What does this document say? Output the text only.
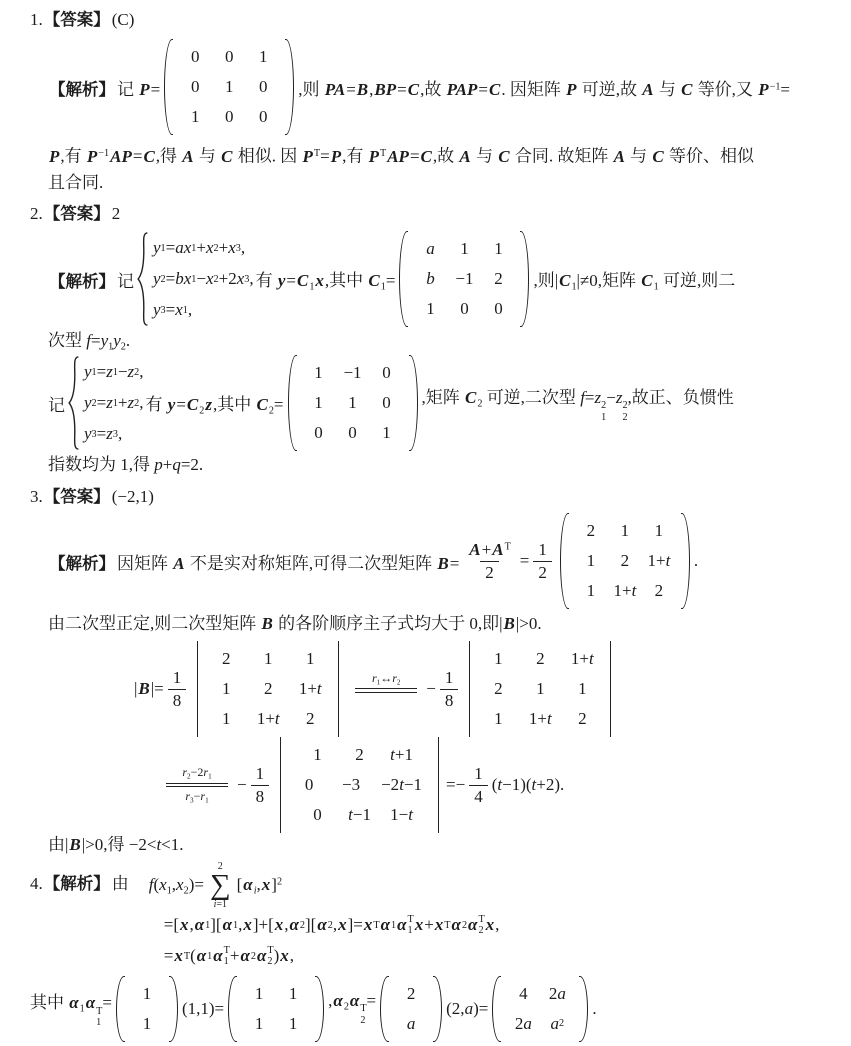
1.【答案】 (C)
【解析】 记 P=
0 0 1
0 1 0
1 0 0
,则 PA=B,BP=C,故 PAP=C. 因矩阵 P 可逆,故 A 与 C 等价,又 $P^{-1}=$
P,有 $P^{-1}AP=C$,得 A 与 C 相似. 因 $P^T=P$,有 $P^TAP=C$,故 A 与 C 合同. 故矩阵 A 与 C 等价、相似
且合同.
2.【答案】 2
【解析】 记
y 1 = ax 1 + x 2 + x 3 ,
y 2 = bx 1 − x 2 +2 x 3 ,
y 3 = x 1 ,
有 y=C1x,其中 C1=
a 1 1
b −1 2
1 0 0
,则|C1|≠0,矩阵 C1 可逆,则二
次型 f=y1y2.
记
y 1 = z 1 − z 2 ,
y 2 = z 1 + z 2 ,
y 3 = z 3 ,
有 y=C2z,其中 C2=
1 −1 0
1 1 0
0 0 1
,矩阵 C2 可逆,二次型 f=z 2
1
−z 2
2
,故正、负惯性
指数均为 1,得 p+q=2.
3.【答案】 (−2,1)
【解析】 因矩阵 A 不是实对称矩阵,可得二次型矩阵 $B= \frac{A+A^T}{2} = \frac{1}{2}$
2 1 1
1 2 1+ t
1 1+ t 2
.
由二次型正定,则二次型矩阵 B 的各阶顺序主子式均大于 0,即|B|>0.
$|B|= \frac{1}{8}$
2 1 1
1 2 1+ t
1 1+ t 2
r1↔r2 − $\frac{1}{8}$
1 2 1+ t
2 1 1
1 1+ t 2
r2−2r1
r3−r1
− $\frac{1}{8}$
1 2 t +1
0 −3 −2 t −1
0 t −1 1− t
=− $\frac{1}{4} (t-1)(t+2)$.
由|B|>0,得 −2<t<1.
4.【解析】 由 f(x1,x2)=
2
∑
i=1
$[\alpha i,x]^2$
=[ x , α 1 ][ α 1 , x ]+[ x , α 2 ][ α 2 , x ]= x T α 1 α T
1 x + x T α 2 α T
2 x ,
= x T ( α 1 α T
1 + α 2 α T
2 ) x ,
其中 α1α T
1
=
1
1
(1,1)=
1 1
1 1
,α2α T
2
= 2
a
(2,a)=
4 2 a
2 a a 2
.
